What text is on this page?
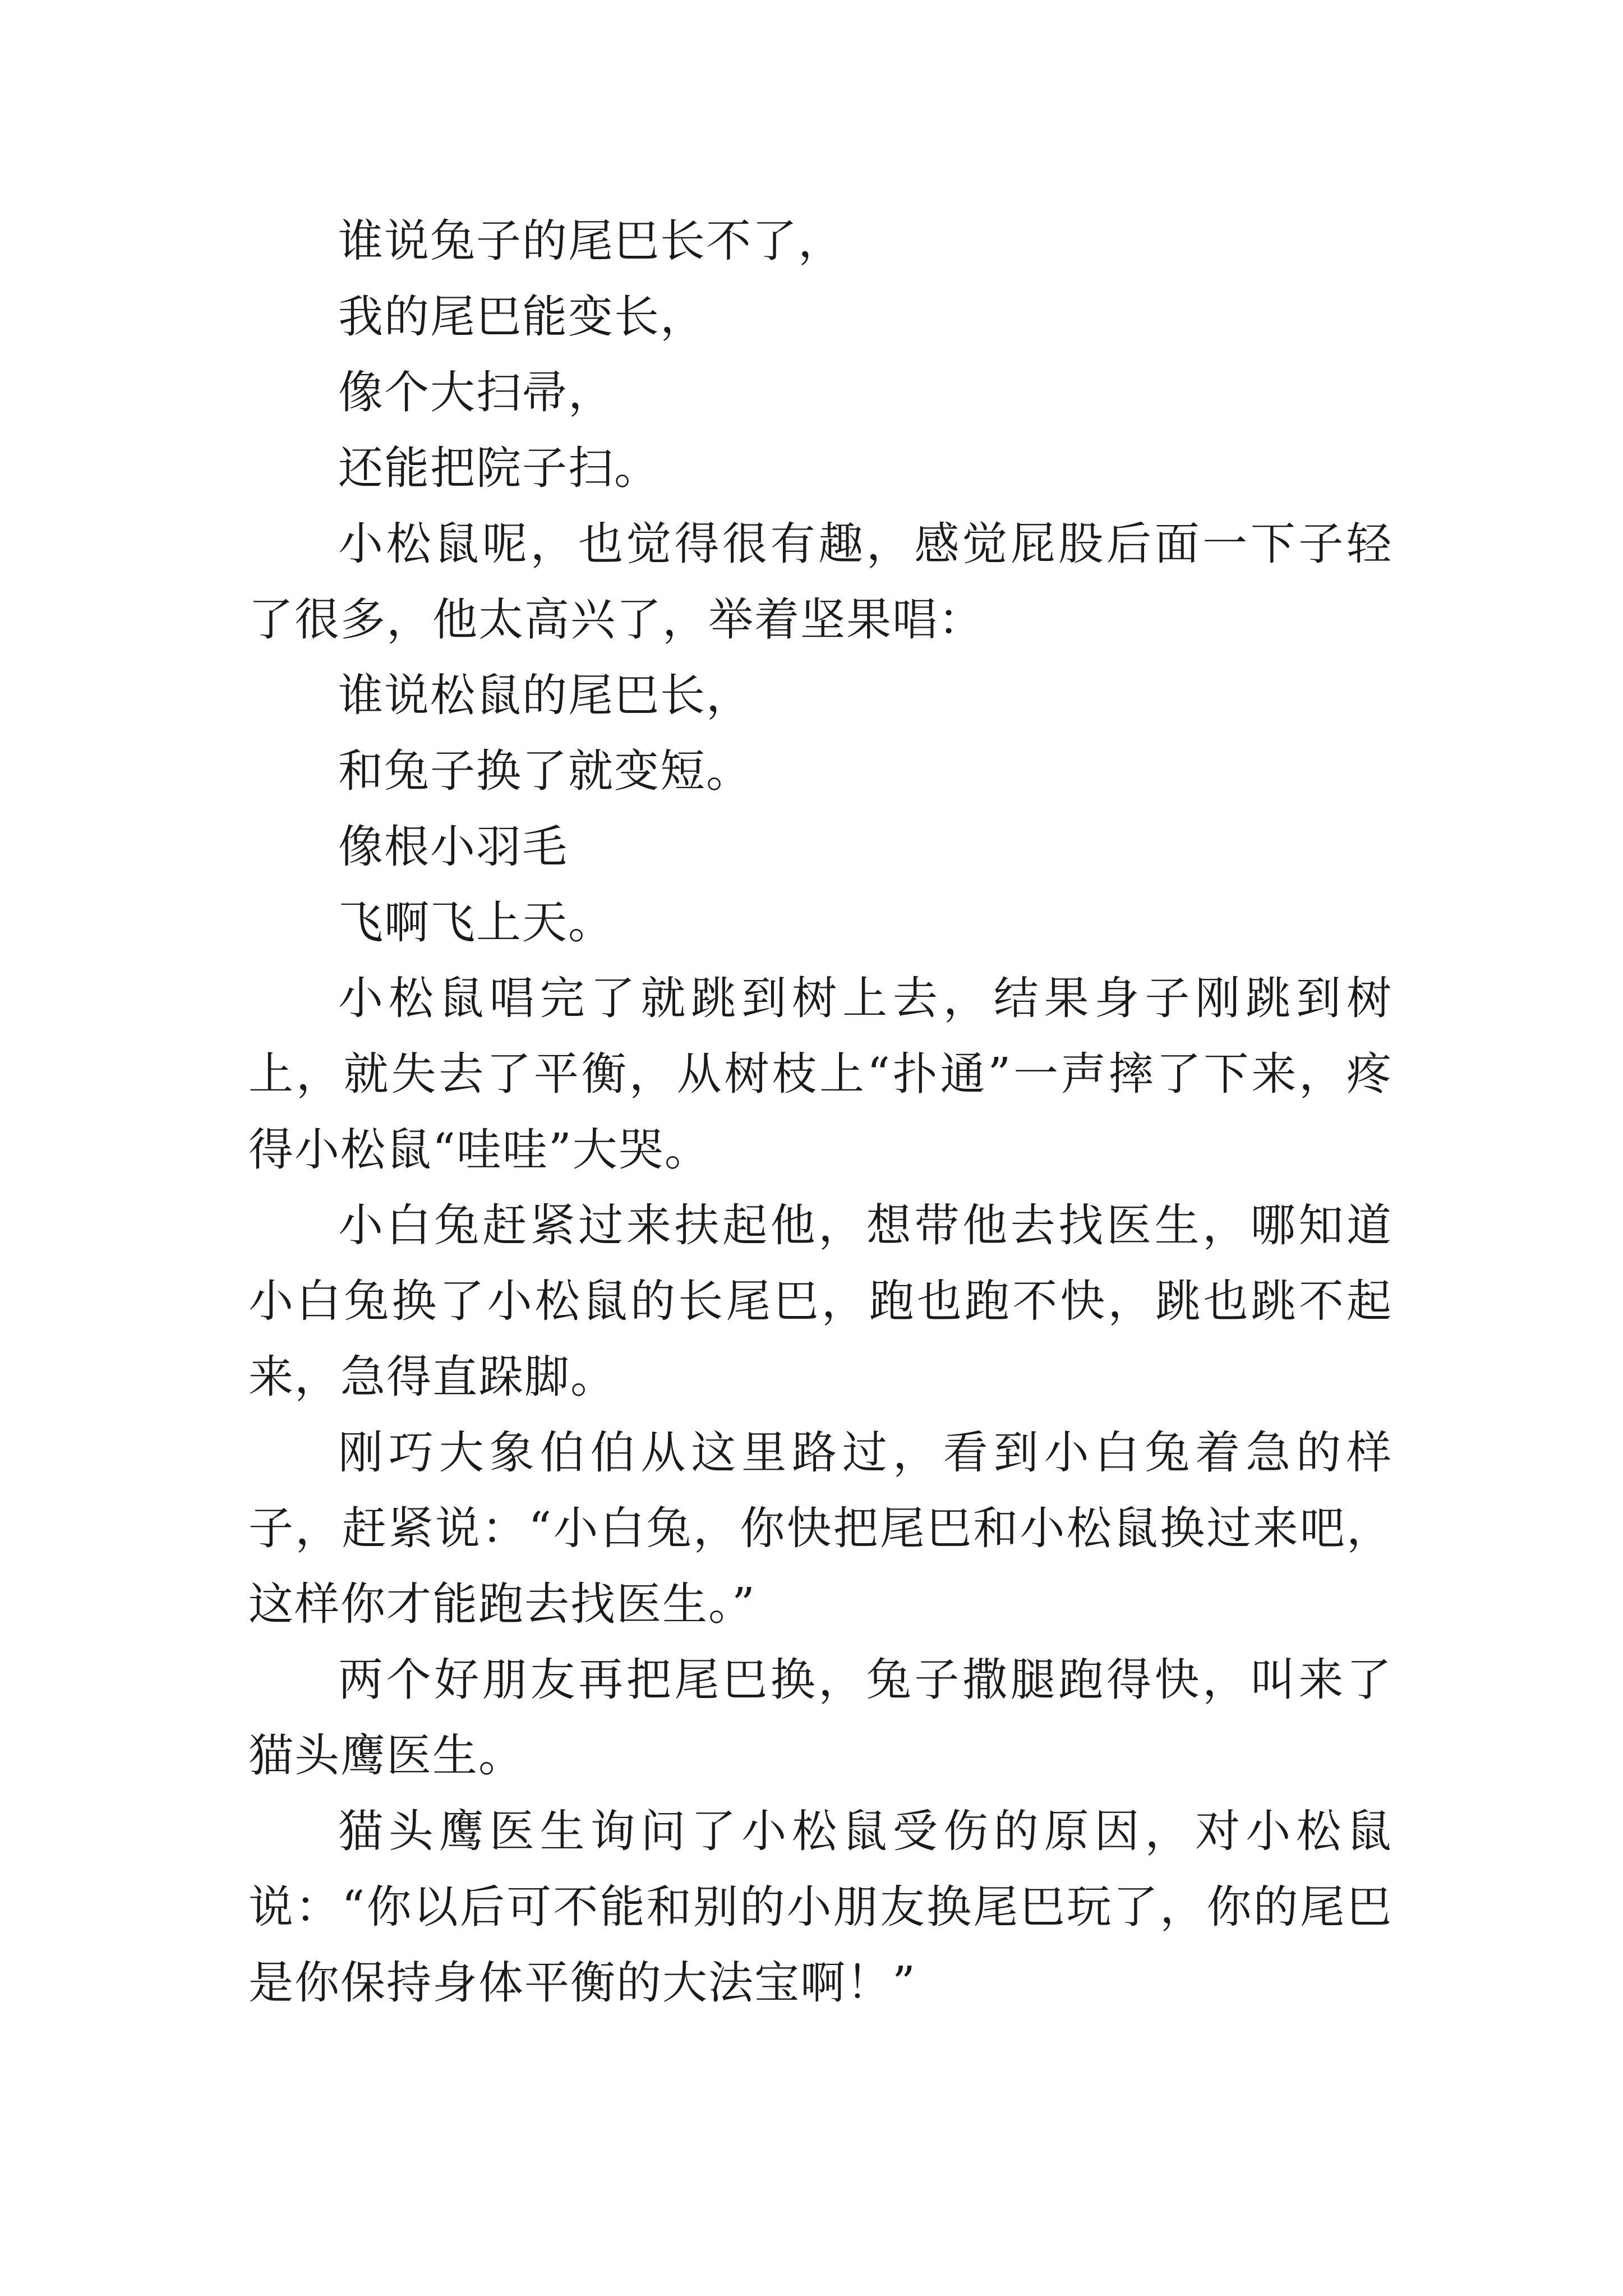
谁说兔子的尾巴长不了，

我的尾巴能变长，

像个大扫帚，

还能把院子扫。

小松鼠呢，也觉得很有趣，感觉屁股后面一下子轻了很多，他太高兴了，举着坚果唱：

谁说松鼠的尾巴长，

和兔子换了就变短。

像根小羽毛

飞啊飞上天。

小松鼠唱完了就跳到树上去，结果身子刚跳到树上，就失去了平衡，从树枝上“扑通”一声摔了下来，疼得小松鼠“哇哇”大哭。

小白兔赶紧过来扶起他，想带他去找医生，哪知道小白兔换了小松鼠的长尾巴，跑也跑不快，跳也跳不起来，急得直跺脚。

刚巧大象伯伯从这里路过，看到小白兔着急的样子，赶紧说：“小白兔，你快把尾巴和小松鼠换过来吧，这样你才能跑去找医生。”

两个好朋友再把尾巴换，兔子撒腿跑得快，叫来了猫头鹰医生。

猫头鹰医生询问了小松鼠受伤的原因，对小松鼠说：“你以后可不能和别的小朋友换尾巴玩了，你的尾巴是你保持身体平衡的大法宝啊！”
